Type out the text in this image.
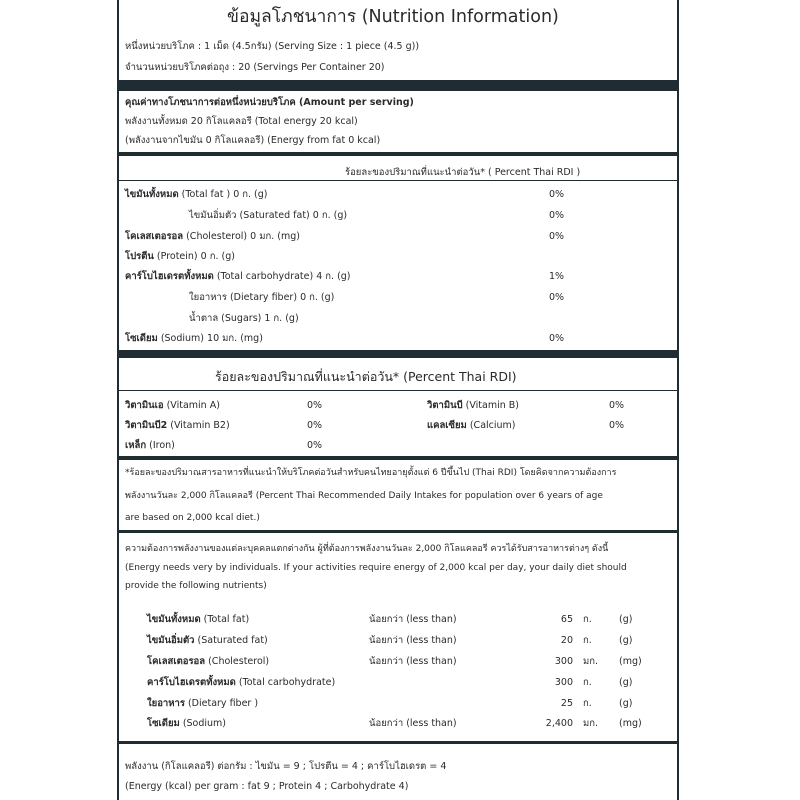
ข้อมูลโภชนาการ (Nutrition Information)
หนึ่งหน่วยบริโภค : 1 เม็ด (4.5กรัม) (Serving Size : 1 piece (4.5 g))
จำนวนหน่วยบริโภคต่อถุง : 20 (Servings Per Container 20)
คุณค่าทางโภชนาการต่อหนึ่งหน่วยบริโภค (Amount per serving)
พลังงานทั้งหมด 20 กิโลแคลอรี (Total energy 20 kcal)
(พลังงานจากไขมัน 0 กิโลแคลอรี) (Energy from fat 0 kcal)
ร้อยละของปริมาณที่แนะนำต่อวัน* ( Percent Thai RDI )
ไขมันทั้งหมด (Total fat ) 0 ก. (g)	0%
ไขมันอิ่มตัว (Saturated fat) 0 ก. (g)	0%
โคเลสเตอรอล (Cholesterol) 0 มก. (mg)	0%
โปรตีน (Protein) 0 ก. (g)
คาร์โบไฮเดรตทั้งหมด (Total carbohydrate) 4 ก. (g)	1%
ใยอาหาร (Dietary fiber) 0 ก. (g)	0%
น้ำตาล (Sugars) 1 ก. (g)
โซเดียม (Sodium) 10 มก. (mg)	0%
ร้อยละของปริมาณที่แนะนำต่อวัน* (Percent Thai RDI)
วิตามินเอ (Vitamin A)	0%	วิตามินบี (Vitamin B)	0%
วิตามินบี2 (Vitamin B2)	0%	แคลเซียม (Calcium)	0%
เหล็ก (Iron)	0%
*ร้อยละของปริมาณสารอาหารที่แนะนำให้บริโภคต่อวันสำหรับคนไทยอายุตั้งแต่ 6 ปีขึ้นไป (Thai RDI) โดยคิดจากความต้องการ
พลังงานวันละ 2,000 กิโลแคลอรี (Percent Thai Recommended Daily Intakes for population over 6 years of age
are based on 2,000 kcal diet.)
ความต้องการพลังงานของแต่ละบุคคลแตกต่างกัน ผู้ที่ต้องการพลังงานวันละ 2,000 กิโลแคลอรี ควรได้รับสารอาหารต่างๆ ดังนี้
(Energy needs very by individuals. If your activities require energy of 2,000 kcal per day, your daily diet should
provide the following nutrients)
ไขมันทั้งหมด (Total fat)	น้อยกว่า (less than)	65 ก.	(g)
ไขมันอิ่มตัว (Saturated fat)	น้อยกว่า (less than)	20 ก.	(g)
โคเลสเตอรอล (Cholesterol)	น้อยกว่า (less than)	300 มก. (mg)
คาร์โบไฮเดรตทั้งหมด (Total carbohydrate)	300 ก.	(g)
ใยอาหาร (Dietary fiber )	25 ก.	(g)
โซเดียม (Sodium)	น้อยกว่า (less than)	2,400 มก. (mg)
พลังงาน (กิโลแคลอรี) ต่อกรัม : ไขมัน = 9 ; โปรตีน = 4 ; คาร์โบไฮเดรต = 4
(Energy (kcal) per gram : fat 9 ; Protein 4 ; Carbohydrate 4)
